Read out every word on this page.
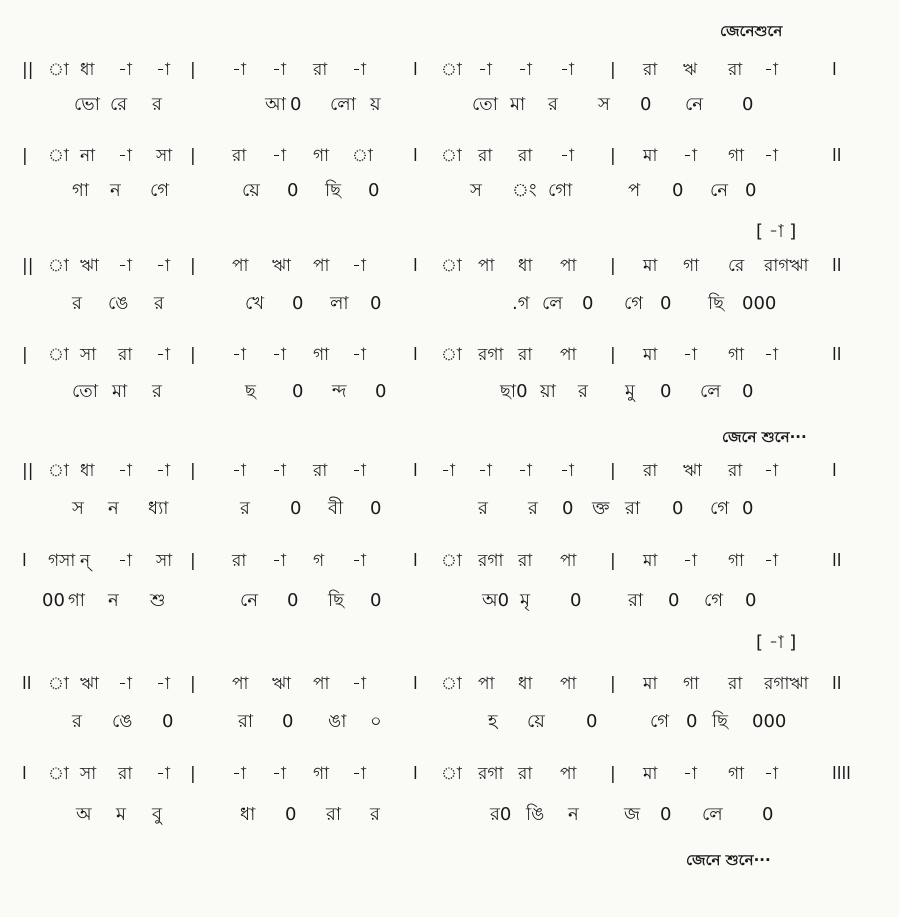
|| া ধা -া -া | -া -া রা -া	l া -া -া -া | রা ঋ রা -া	l
ভো রে র	আ 0 লো য়	তো মা র স 0 নে 0
| া না -া সা | রা -া গা া l া রা রা -া | মা -া গা -া	ll
গা ন গে	য়ে 0 ছি 0	স ং গো	প 0 নে 0
|| া ঋা -া -া | পা ঋা পা -া	l া পা ধা পা | মা গা রে রাগঋা ll
র ঙে র	খে 0 লা 0	.গ লে 0 গে 0 ছি 000
| া সা রা -া | -া -া গা -া	l া রগা রা পা | মা -া গা -া	ll
তো মা র	ছ 0 ন্দ 0	ছা0 য়া র মু 0 লে 0
|| া ধা -া -া | -া -া রা -া	l -া -া -া -া | রা ঋা রা -া	l
স ন ধ্যা	র 0 বী 0	র র 0 ক্ত রা 0 গে 0
l গসা ন্ -া সা | রা -া গ -া	l া রগা রা পা | মা -া গা -া	ll
00 গা ন শু	নে 0 ছি 0	অ0 মৃ 0	রা 0 গে 0
ll া ঋা -া -া | পা ঋা পা -া	l া পা ধা পা | মা গা রা রগাঋা ll
র ঙে 0	রা 0 ঙা ০	হ য়ে 0	গে 0 ছি 000
l া সা রা -া | -া -া গা -া	l া রগা রা পা | মা -া গা -া	llll
অ ম বু	ধা 0 রা র	র0 ঙি ন	জ 0 লে 0
জেনেশুনে
জেনে শুনে···
জেনে শুনে···
[ -া ]
[ -া ]
